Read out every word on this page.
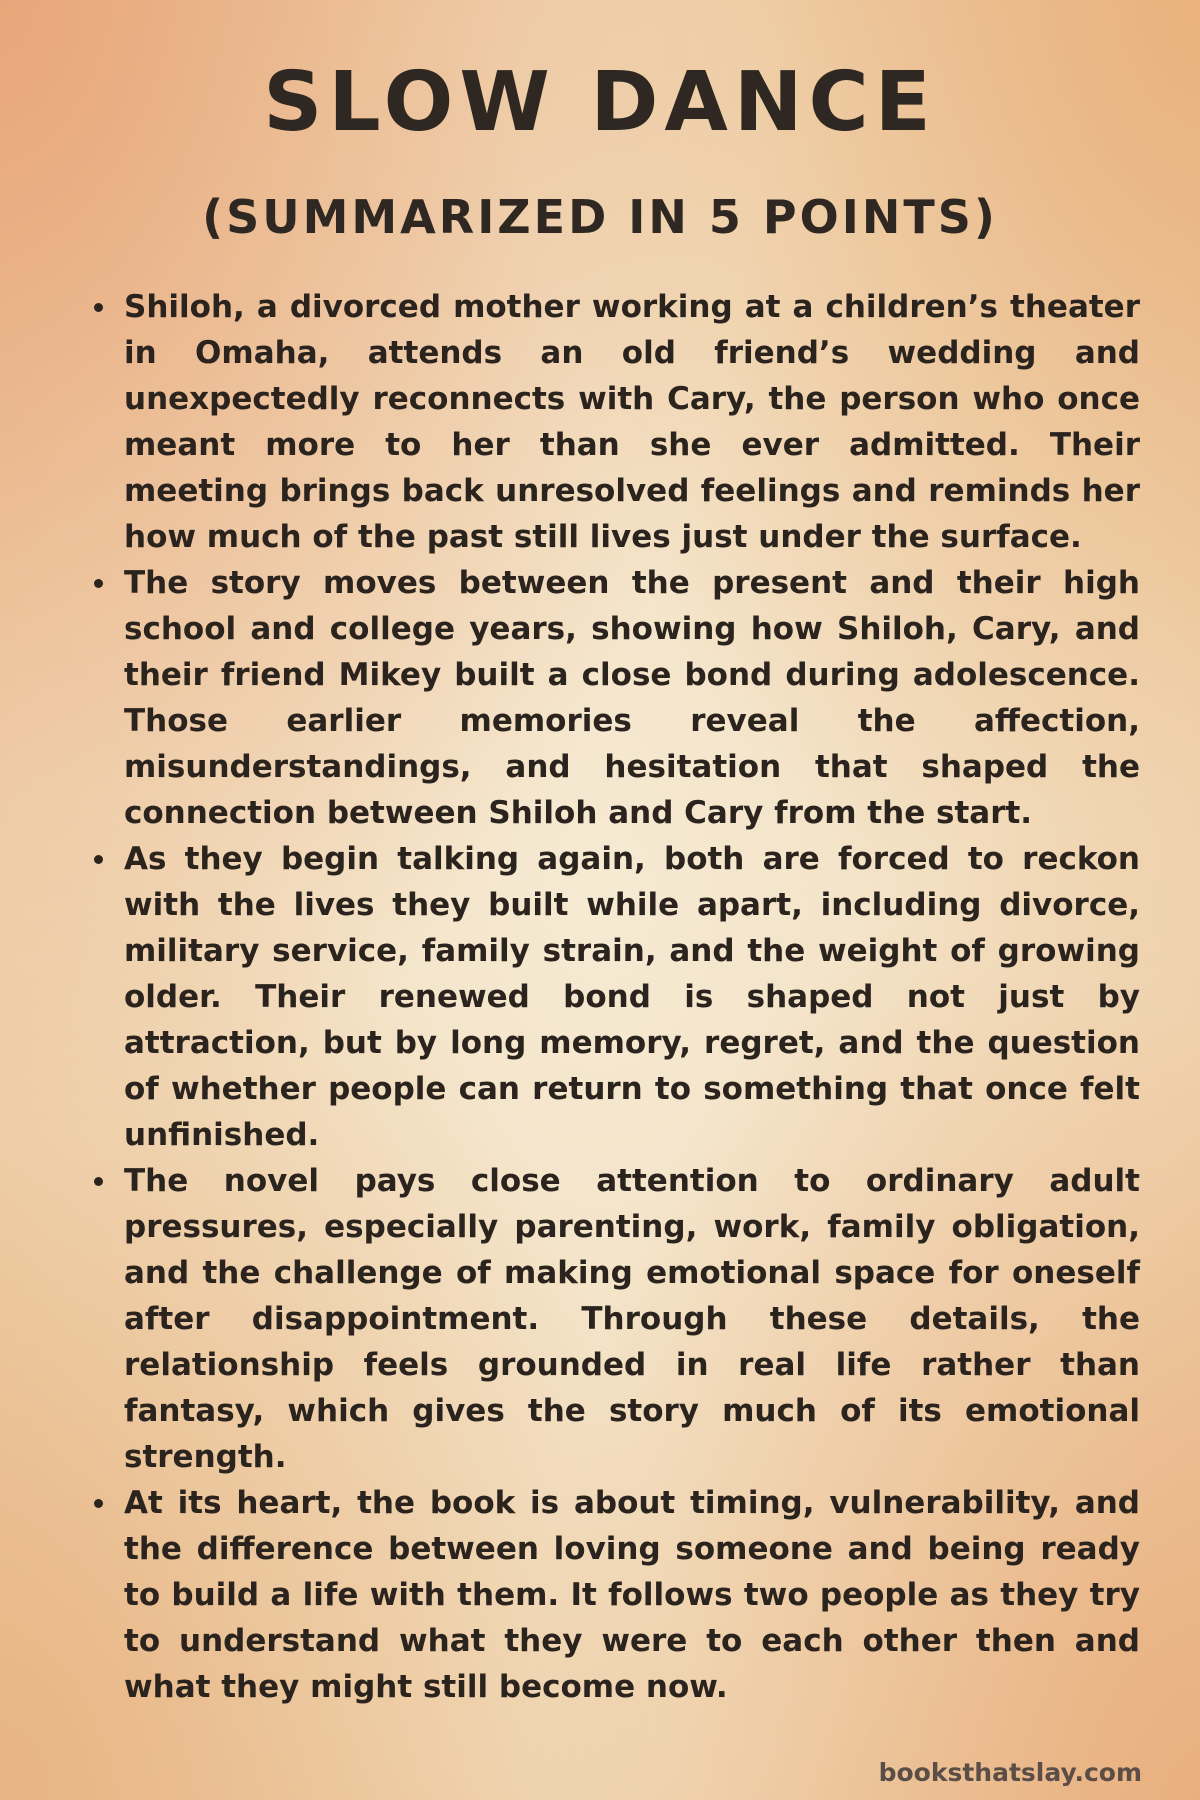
SLOW DANCE
(SUMMARIZED IN 5 POINTS)
Shiloh, a divorced mother working at a children’s theater in Omaha, attends an old friend’s wedding and unexpectedly reconnects with Cary, the person who once meant more to her than she ever admitted. Their meeting brings back unresolved feelings and reminds her how much of the past still lives just under the surface.
The story moves between the present and their high school and college years, showing how Shiloh, Cary, and their friend Mikey built a close bond during adolescence. Those earlier memories reveal the affection, misunderstandings, and hesitation that shaped the connection between Shiloh and Cary from the start.
As they begin talking again, both are forced to reckon with the lives they built while apart, including divorce, military service, family strain, and the weight of growing older. Their renewed bond is shaped not just by attraction, but by long memory, regret, and the question of whether people can return to something that once felt unfinished.
The novel pays close attention to ordinary adult pressures, especially parenting, work, family obligation, and the challenge of making emotional space for oneself after disappointment. Through these details, the relationship feels grounded in real life rather than fantasy, which gives the story much of its emotional strength.
At its heart, the book is about timing, vulnerability, and the difference between loving someone and being ready to build a life with them. It follows two people as they try to understand what they were to each other then and what they might still become now.
booksthatslay.com
